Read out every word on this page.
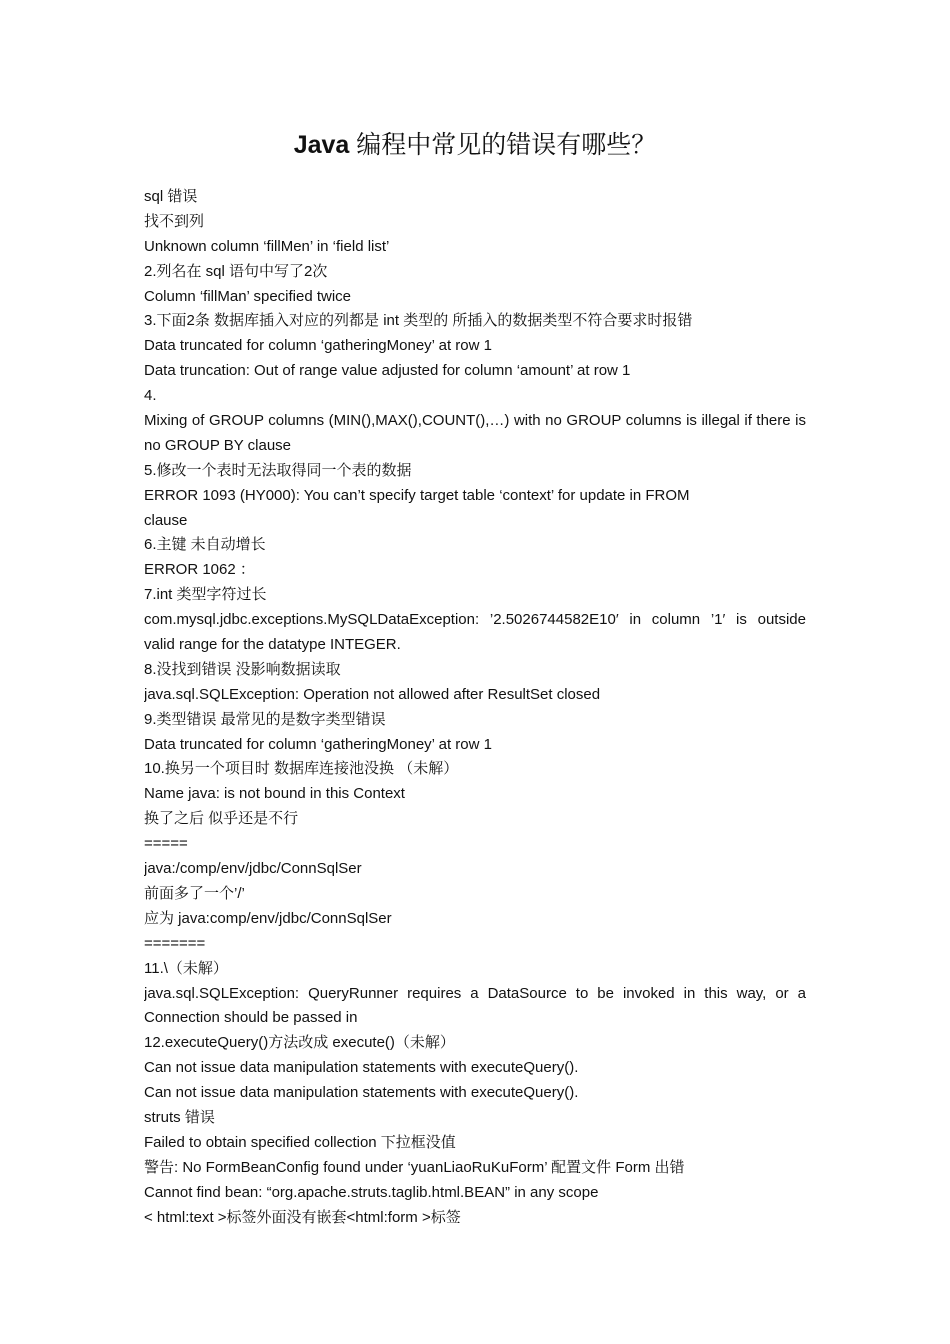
Java 编程中常见的错误有哪些？
sql 错误
找不到列
Unknown column ‘fillMen’ in ‘field list’
2.列名在 sql 语句中写了2次
Column ‘fillMan’ specified twice
3.下面2条 数据库插入对应的列都是 int 类型的 所插入的数据类型不符合要求时报错
Data truncated for column ‘gatheringMoney’ at row 1
Data truncation: Out of range value adjusted for column ‘amount’ at row 1
4.
Mixing of GROUP columns (MIN(),MAX(),COUNT(),…) with no GROUP columns is illegal if there is
no GROUP BY clause
5.修改一个表时无法取得同一个表的数据
ERROR 1093 (HY000): You can’t specify target table ‘context’ for update in FROM
clause
6.主键 未自动增长
ERROR 1062 ：
7.int 类型字符过长
com.mysql.jdbc.exceptions.MySQLDataException: ’2.5026744582E10′ in column ’1′ is outside
valid range for the datatype INTEGER.
8.没找到错误 没影响数据读取
java.sql.SQLException: Operation not allowed after ResultSet closed
9.类型错误 最常见的是数字类型错误
Data truncated for column ‘gatheringMoney’ at row 1
10.换另一个项目时 数据库连接池没换 （未解）
Name java: is not bound in this Context
换了之后 似乎还是不行
=====
java:/comp/env/jdbc/ConnSqlSer
前面多了一个’/’
应为 java:comp/env/jdbc/ConnSqlSer
=======
11.\（未解）
java.sql.SQLException: QueryRunner requires a DataSource to be invoked in this way, or a
Connection should be passed in
12.executeQuery()方法改成 execute()（未解）
Can not issue data manipulation statements with executeQuery().
Can not issue data manipulation statements with executeQuery().
struts 错误
Failed to obtain specified collection 下拉框没值
警告: No FormBeanConfig found under ‘yuanLiaoRuKuForm’ 配置文件 Form 出错
Cannot find bean: “org.apache.struts.taglib.html.BEAN” in any scope
< html:text >标签外面没有嵌套<html:form >标签
